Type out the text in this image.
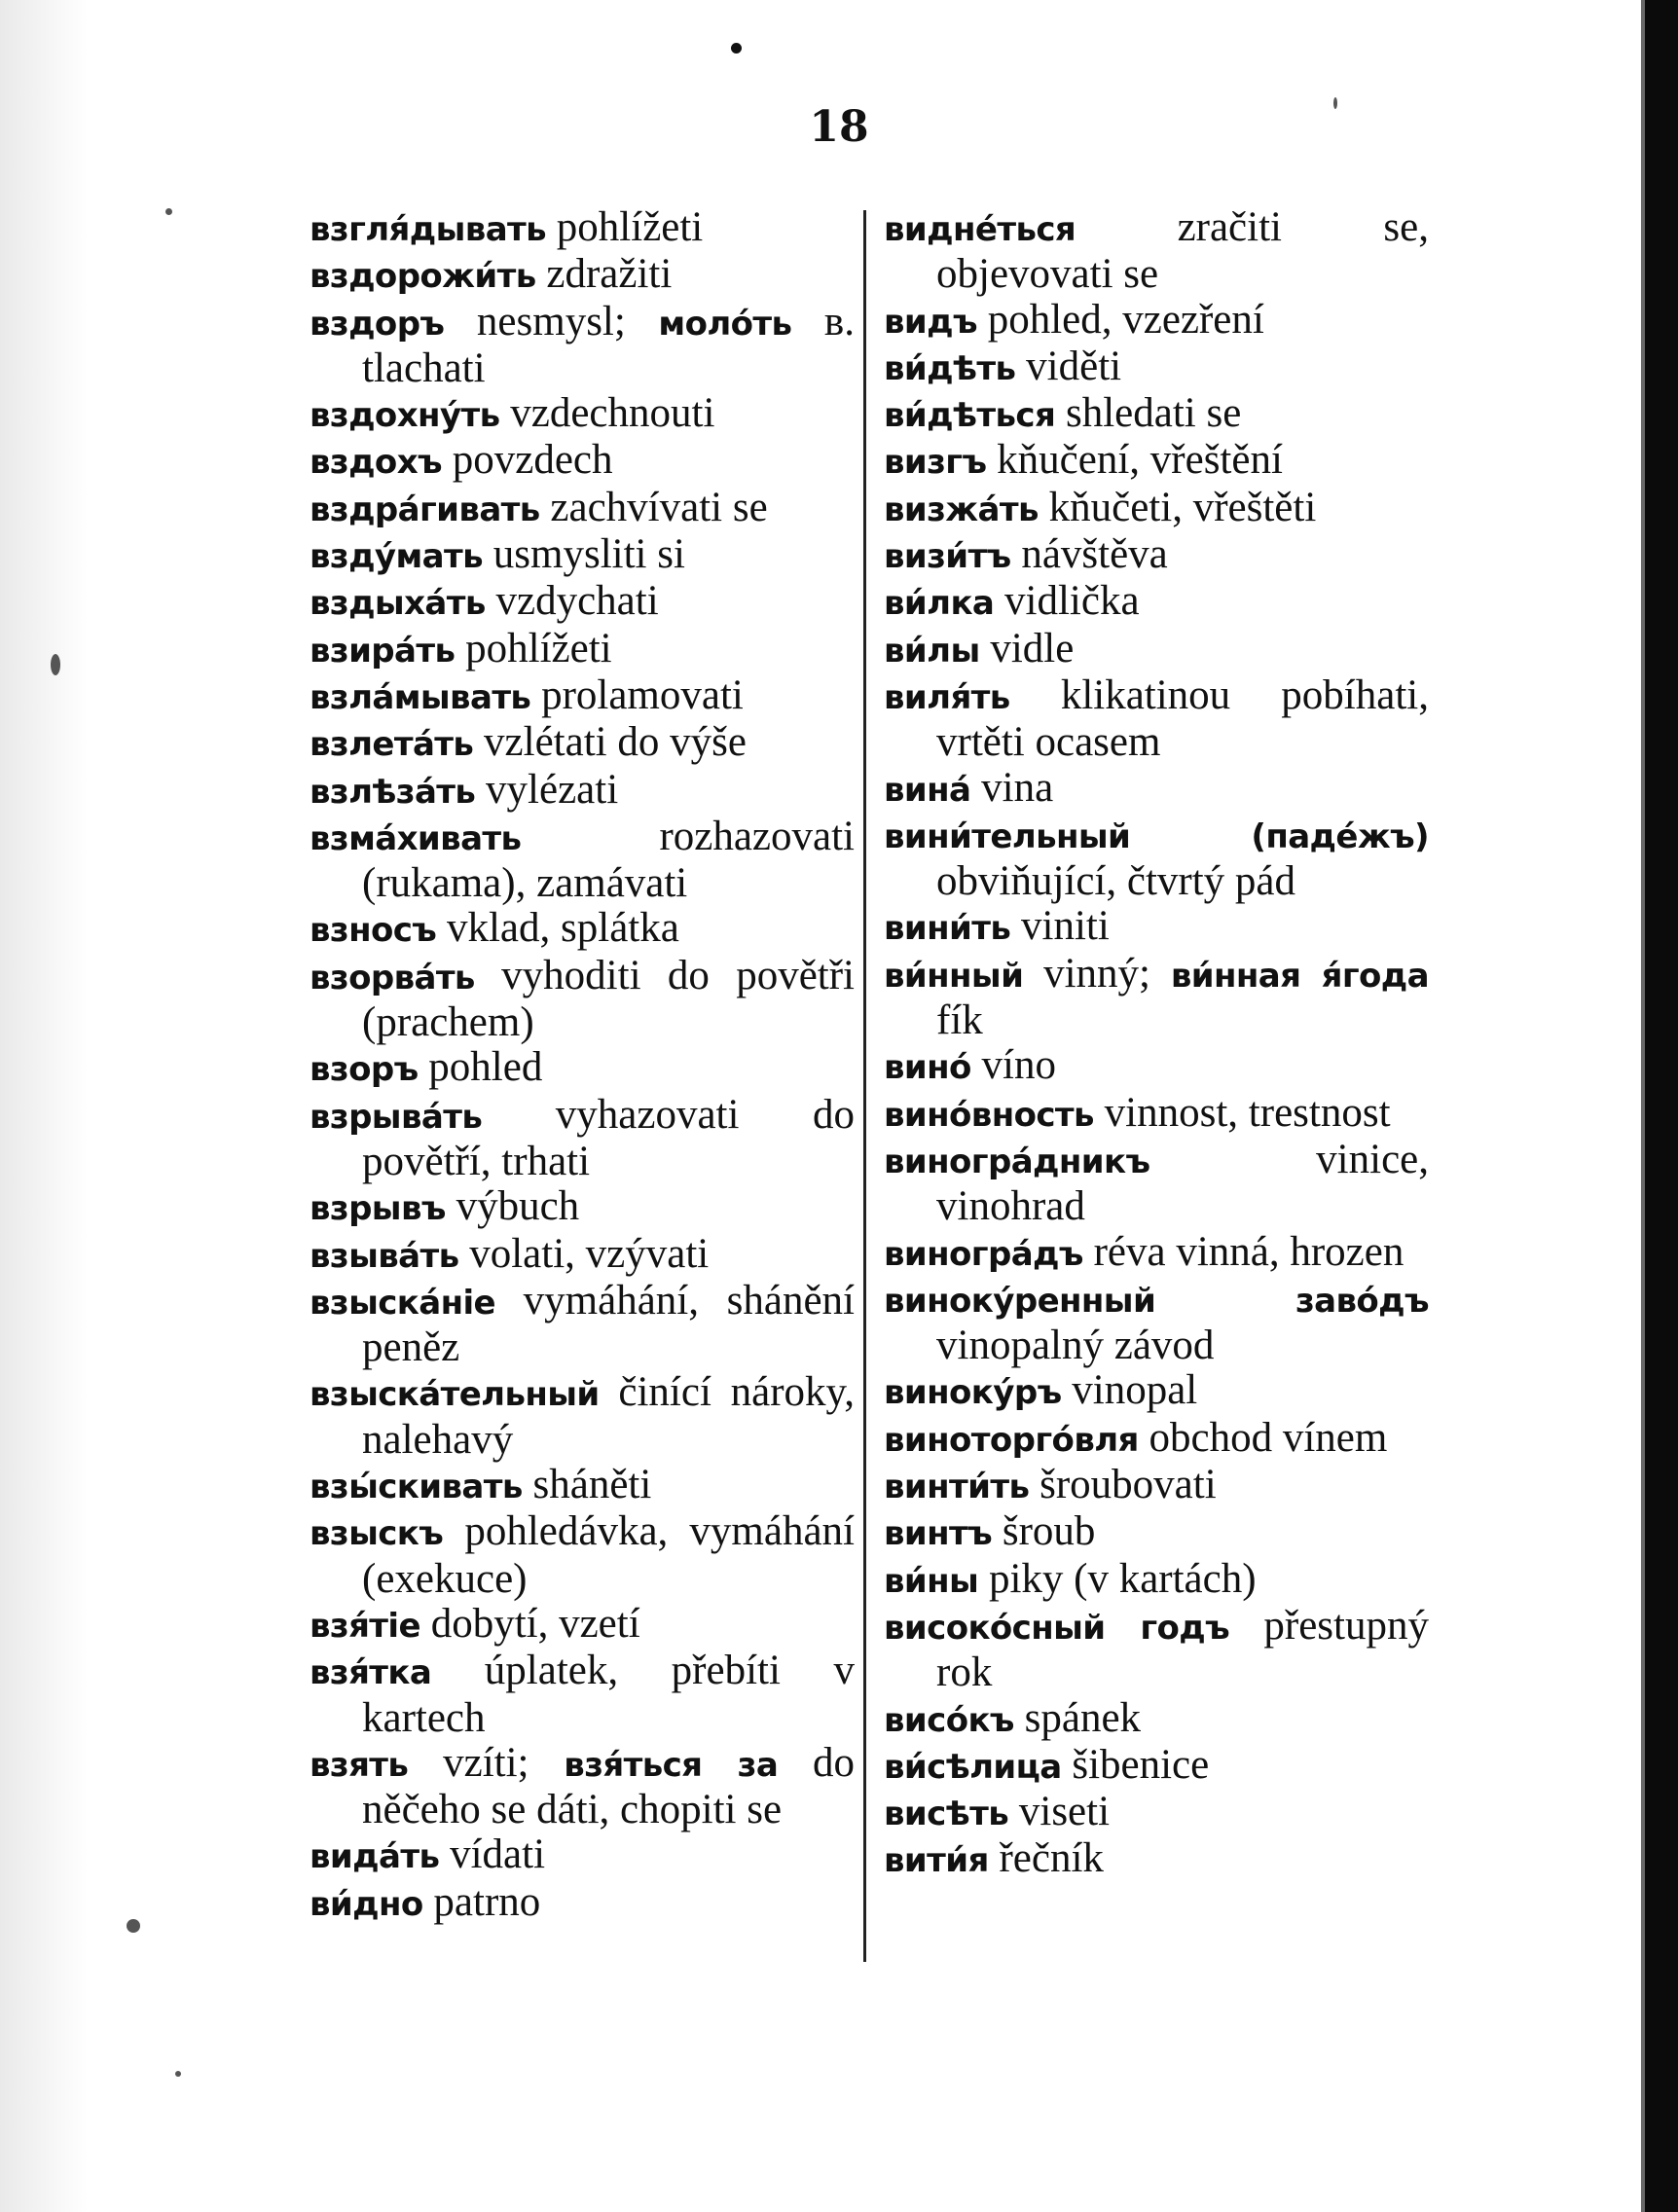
18

взгля́дывать pohlížeti

вздорожи́ть zdražiti

вздоръ nesmysl; моло́ть в. tlachati

вздохну́ть vzdechnouti

вздохъ povzdech

вздра́гивать zachvívati se

вздýмать usmysliti si

вздыха́ть vzdychati

взира́ть pohlížeti

взла́мывать prolamovati

взлета́ть vzlétati do výše

взлѣза́ть vylézati

взма́хивать rozhazovati (rukama), zamávati

взносъ vklad, splátka

взорва́ть vyhoditi do povětři (prachem)

взоръ pohled

взрыва́ть vyhazovati do povětří, trhati

взрывъ výbuch

взыва́ть volati, vzývati

взыска́нiе vymáhání, shánění peněz

взыска́тельный činící nároky, nalehavý

взы́скивать sháněti

взыскъ pohledávka, vymáhání (exekuce)

взя́тiе dobytí, vzetí

взя́тка úplatek, přebíti v kartech

взять vzíti; взя́ться за do něčeho se dáti, chopiti se

вида́ть vídati

ви́дно patrno

видне́ться zračiti se, objevovati se

видъ pohled, vzezření

ви́дѣть viděti

ви́дѣться shledati se

визгъ kňučení, vřeštění

визжа́ть kňučeti, vřeštěti

визи́тъ návštěva

ви́лка vidlička

ви́лы vidle

виля́ть klikatinou pobíhati, vrtěti ocasem

вина́ vina

вини́тельный (паде́жъ) obviňující, čtvrtý pád

вини́ть viniti

ви́нный vinný; ви́нная я́года fík

вино́ víno

вино́вность vinnost, trestnost

виногра́дникъ vinice, vinohrad

виногра́дъ réva vinná, hrozen

винокýренный заво́дъ vinopalný závod

винокýръ vinopal

виноторго́вля obchod vínem

винти́ть šroubovati

винтъ šroub

ви́ны piky (v kartách)

високо́сный годъ přestupný rok

висо́къ spánek

ви́сѣлица šibenice

висѣть viseti

вити́я řečník
